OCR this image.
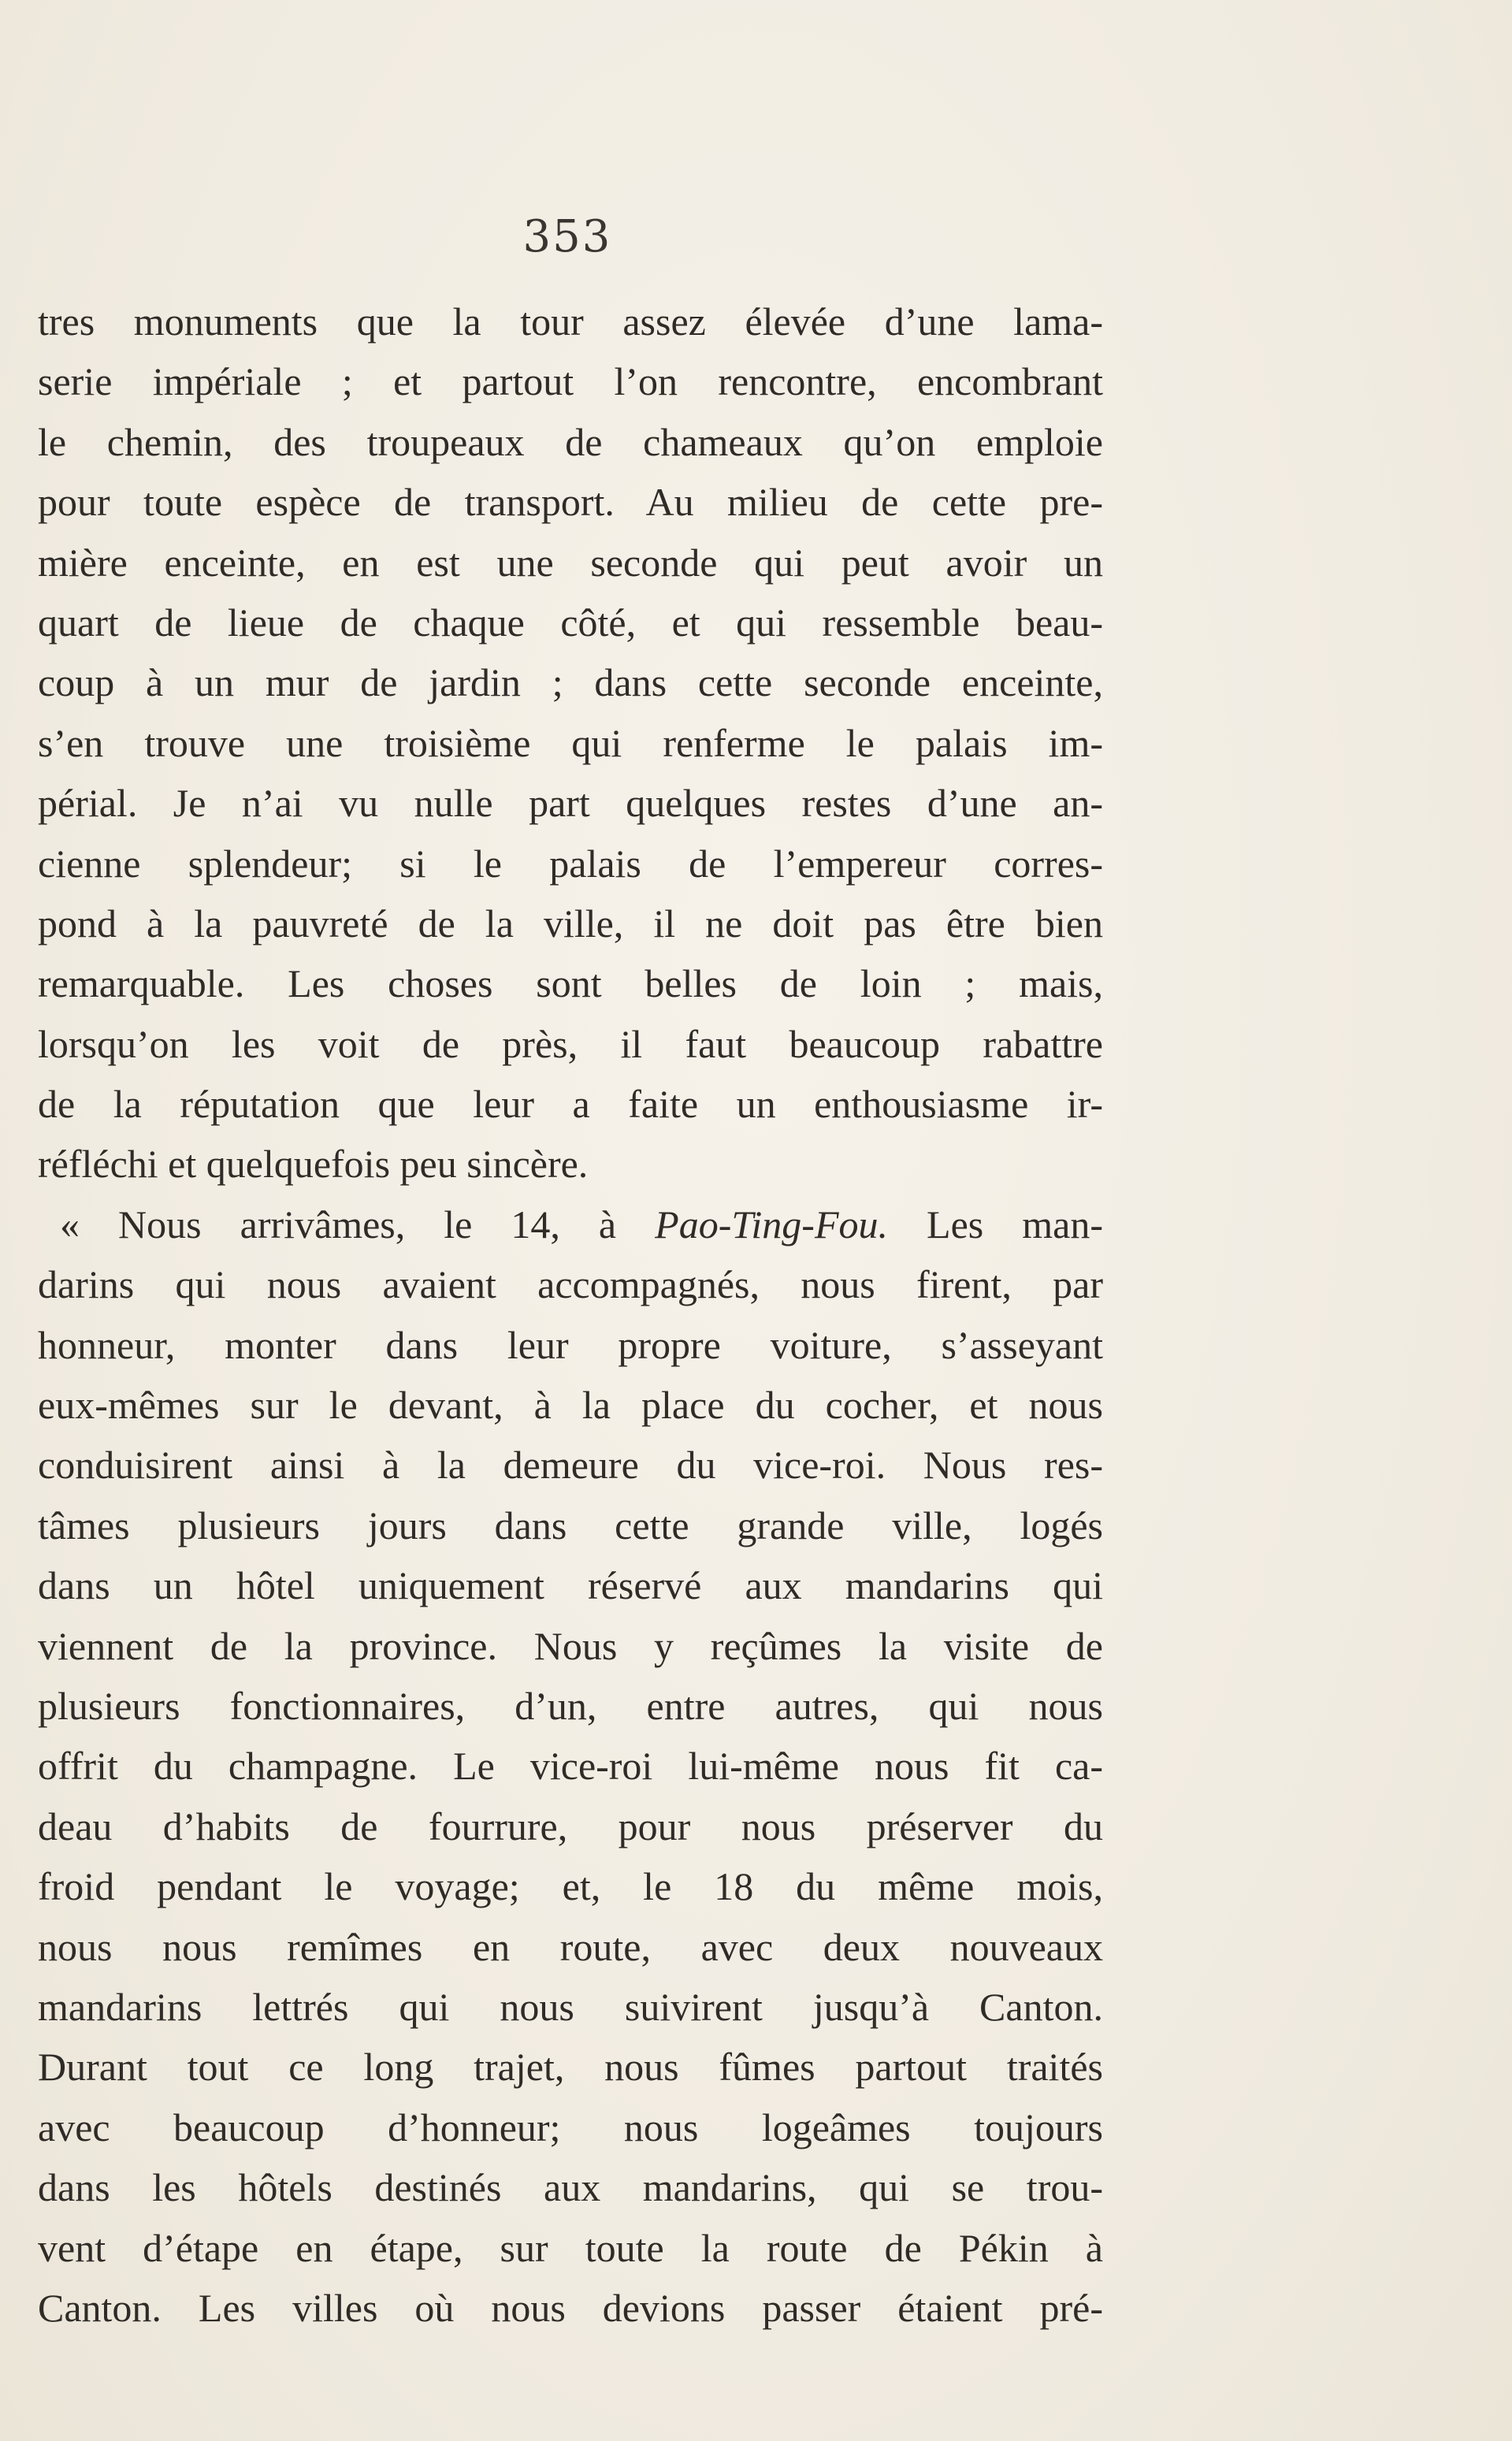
353
tres monuments que la tour assez élevée d’une lama-
serie impériale ; et partout l’on rencontre, encombrant
le chemin, des troupeaux de chameaux qu’on emploie
pour toute espèce de transport. Au milieu de cette pre-
mière enceinte, en est une seconde qui peut avoir un
quart de lieue de chaque côté, et qui ressemble beau-
coup à un mur de jardin ; dans cette seconde enceinte,
s’en trouve une troisième qui renferme le palais im-
périal. Je n’ai vu nulle part quelques restes d’une an-
cienne splendeur; si le palais de l’empereur corres-
pond à la pauvreté de la ville, il ne doit pas être bien
remarquable. Les choses sont belles de loin ; mais,
lorsqu’on les voit de près, il faut beaucoup rabattre
de la réputation que leur a faite un enthousiasme ir-
réfléchi et quelquefois peu sincère.
« Nous arrivâmes, le 14, à Pao-Ting-Fou. Les man-
darins qui nous avaient accompagnés, nous firent, par
honneur, monter dans leur propre voiture, s’asseyant
eux-mêmes sur le devant, à la place du cocher, et nous
conduisirent ainsi à la demeure du vice-roi. Nous res-
tâmes plusieurs jours dans cette grande ville, logés
dans un hôtel uniquement réservé aux mandarins qui
viennent de la province. Nous y reçûmes la visite de
plusieurs fonctionnaires, d’un, entre autres, qui nous
offrit du champagne. Le vice-roi lui-même nous fit ca-
deau d’habits de fourrure, pour nous préserver du
froid pendant le voyage; et, le 18 du même mois,
nous nous remîmes en route, avec deux nouveaux
mandarins lettrés qui nous suivirent jusqu’à Canton.
Durant tout ce long trajet, nous fûmes partout traités
avec beaucoup d’honneur; nous logeâmes toujours
dans les hôtels destinés aux mandarins, qui se trou-
vent d’étape en étape, sur toute la route de Pékin à
Canton. Les villes où nous devions passer étaient pré-
